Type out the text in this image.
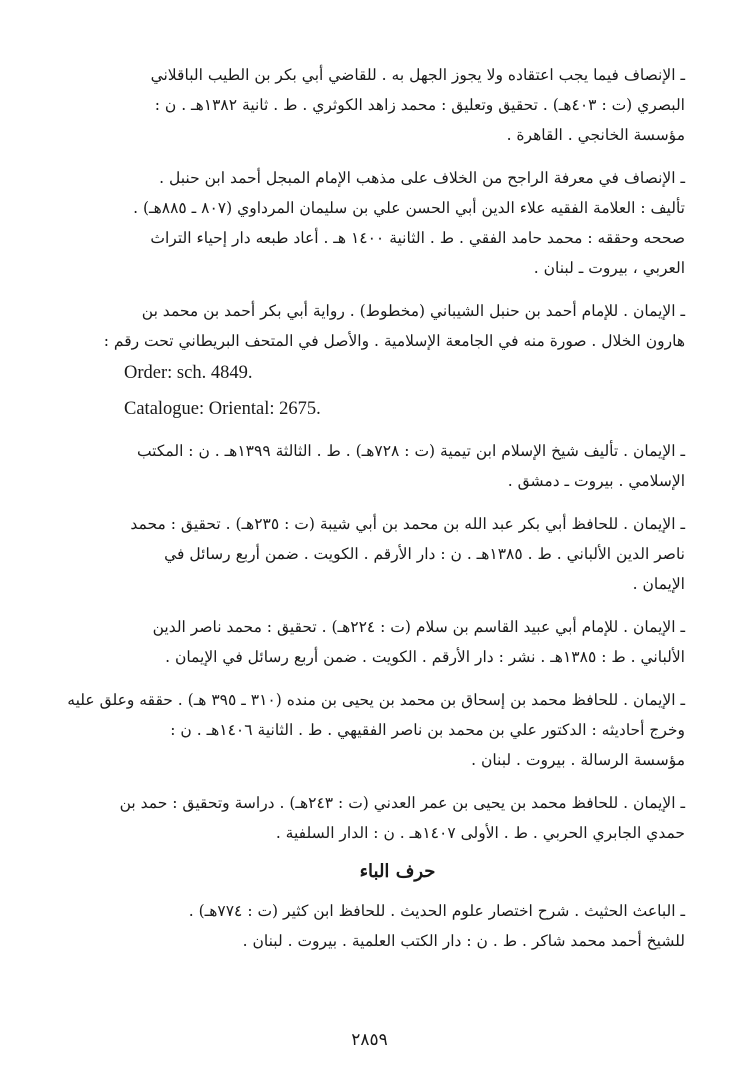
ـ الإنصاف فيما يجب اعتقاده ولا يجوز الجهل به . للقاضي أبي بكر بن الطيب الباقلاني
البصري (ت : ٤٠٣هـ) . تحقيق وتعليق : محمد زاهد الكوثري . ط . ثانية ١٣٨٢هـ . ن :
مؤسسة الخانجي . القاهرة .
ـ الإنصاف في معرفة الراجح من الخلاف على مذهب الإمام المبجل أحمد ابن حنبل .
تأليف : العلامة الفقيه علاء الدين أبي الحسن علي بن سليمان المرداوي (٨٠٧ ـ ٨٨٥هـ) .
صححه وحققه : محمد حامد الفقي . ط . الثانية ١٤٠٠ هـ . أعاد طبعه دار إحياء التراث
العربي ، بيروت ـ لبنان .
ـ الإيمان . للإمام أحمد بن حنبل الشيباني (مخطوط) . رواية أبي بكر أحمد بن محمد بن
هارون الخلال . صورة منه في الجامعة الإسلامية . والأصل في المتحف البريطاني تحت رقم :
Order: sch. 4849.
Catalogue: Oriental: 2675.
ـ الإيمان . تأليف شيخ الإسلام ابن تيمية (ت : ٧٢٨هـ) . ط . الثالثة ١٣٩٩هـ . ن : المكتب
الإسلامي . بيروت ـ دمشق .
ـ الإيمان . للحافظ أبي بكر عبد الله بن محمد بن أبي شيبة (ت : ٢٣٥هـ) . تحقيق : محمد
ناصر الدين الألباني . ط . ١٣٨٥هـ . ن : دار الأرقم . الكويت . ضمن أربع رسائل في
الإيمان .
ـ الإيمان . للإمام أبي عبيد القاسم بن سلام (ت : ٢٢٤هـ) . تحقيق : محمد ناصر الدين
الألباني . ط : ١٣٨٥هـ . نشر : دار الأرقم . الكويت . ضمن أربع رسائل في الإيمان .
ـ الإيمان . للحافظ محمد بن إسحاق بن محمد بن يحيى بن منده (٣١٠ ـ ٣٩٥ هـ) . حققه وعلق عليه
وخرج أحاديثه : الدكتور علي بن محمد بن ناصر الفقيهي . ط . الثانية ١٤٠٦هـ . ن :
مؤسسة الرسالة . بيروت . لبنان .
ـ الإيمان . للحافظ محمد بن يحيى بن عمر العدني (ت : ٢٤٣هـ) . دراسة وتحقيق : حمد بن
حمدي الجابري الحربي . ط . الأولى ١٤٠٧هـ . ن : الدار السلفية .
حرف الباء
ـ الباعث الحثيث . شرح اختصار علوم الحديث . للحافظ ابن كثير (ت : ٧٧٤هـ) .
للشيخ أحمد محمد شاكر . ط . ن : دار الكتب العلمية . بيروت . لبنان .
٢٨٥٩
